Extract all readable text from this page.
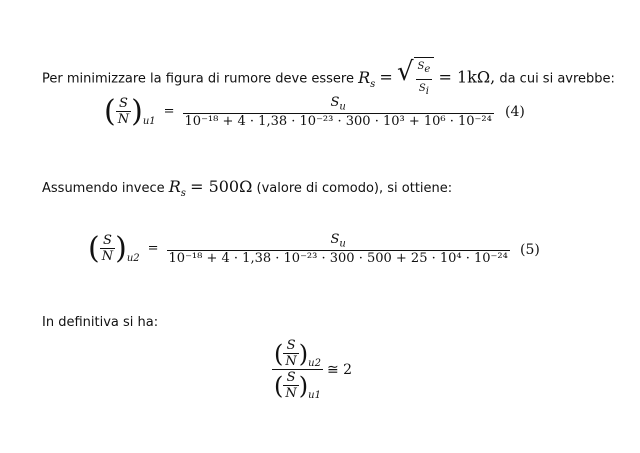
Per minimizzare la figura di rumore deve essere $R_s$ = √ $\frac{S_e}{S_i} = 1k\Omega$, da cui si avrebbe:
( $\frac{S}{N} )_{u1}$
= $\frac{S_u}{\text{10⁻¹⁸ + 4 · 1,38 · 10⁻²³ · 300 · 10³ + 10⁶ · 10⁻²⁴}} (4)$
Assumendo invece $R_s = 500\Omega$ (valore di comodo), si ottiene:
( $\frac{S}{N} )_{u2}$
= $\frac{S_u}{\text{10⁻¹⁸ + 4 · 1,38 · 10⁻²³ · 300 · 500 + 25 · 10⁴ · 10⁻²⁴}} (5)$
In definitiva si ha:
$\frac{( \frac{S}{N} )_{u2}}{( \frac{S}{N} )_{u1}}$ ≅ 2
